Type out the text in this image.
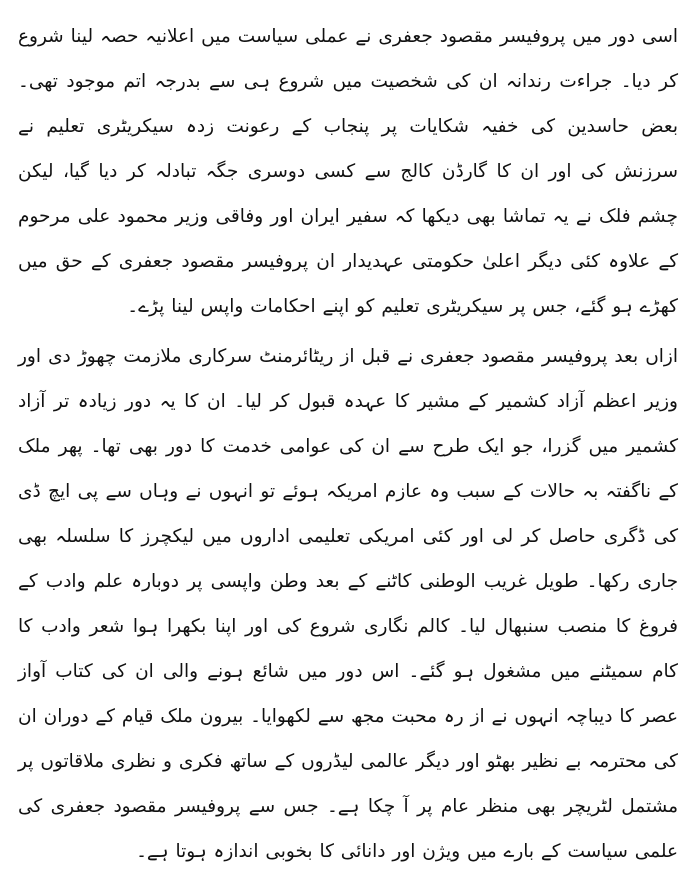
اسی دور میں پروفیسر مقصود جعفری نے عملی سیاست میں اعلانیہ حصہ لینا شروع کر دیا۔ جراءت رندانہ ان کی شخصیت میں شروع ہی سے بدرجہ اتم موجود تھی۔ بعض حاسدین کی خفیہ شکایات پر پنجاب کے رعونت زدہ سیکریٹری تعلیم نے سرزنش کی اور ان کا گارڈن کالج سے کسی دوسری جگہ تبادلہ کر دیا گیا، لیکن چشم فلک نے یہ تماشا بھی دیکھا کہ سفیر ایران اور وفاقی وزیر محمود علی مرحوم کے علاوہ کئی دیگر اعلیٰ حکومتی عہدیدار ان پروفیسر مقصود جعفری کے حق میں کھڑے ہو گئے، جس پر سیکریٹری تعلیم کو اپنے احکامات واپس لینا پڑے۔

ازاں بعد پروفیسر مقصود جعفری نے قبل از ریٹائرمنٹ سرکاری ملازمت چھوڑ دی اور وزیر اعظم آزاد کشمیر کے مشیر کا عہدہ قبول کر لیا۔ ان کا یہ دور زیادہ تر آزاد کشمیر میں گزرا، جو ایک طرح سے ان کی عوامی خدمت کا دور بھی تھا۔ پھر ملک کے ناگفتہ بہ حالات کے سبب وہ عازم امریکہ ہوئے تو انہوں نے وہاں سے پی ایچ ڈی کی ڈگری حاصل کر لی اور کئی امریکی تعلیمی اداروں میں لیکچرز کا سلسلہ بھی جاری رکھا۔ طویل غریب الوطنی کاٹنے کے بعد وطن واپسی پر دوبارہ علم وادب کے فروغ کا منصب سنبھال لیا۔ کالم نگاری شروع کی اور اپنا بکھرا ہوا شعر وادب کا کام سمیٹنے میں مشغول ہو گئے۔ اس دور میں شائع ہونے والی ان کی کتاب آواز عصر کا دیباچہ انہوں نے از رہ محبت مجھ سے لکھوایا۔ بیرون ملک قیام کے دوران ان کی محترمہ بے نظیر بھٹو اور دیگر عالمی لیڈروں کے ساتھ فکری و نظری ملاقاتوں پر مشتمل لٹریچر بھی منظر عام پر آ چکا ہے۔ جس سے پروفیسر مقصود جعفری کی علمی سیاست کے بارے میں ویژن اور دانائی کا بخوبی اندازہ ہوتا ہے۔
